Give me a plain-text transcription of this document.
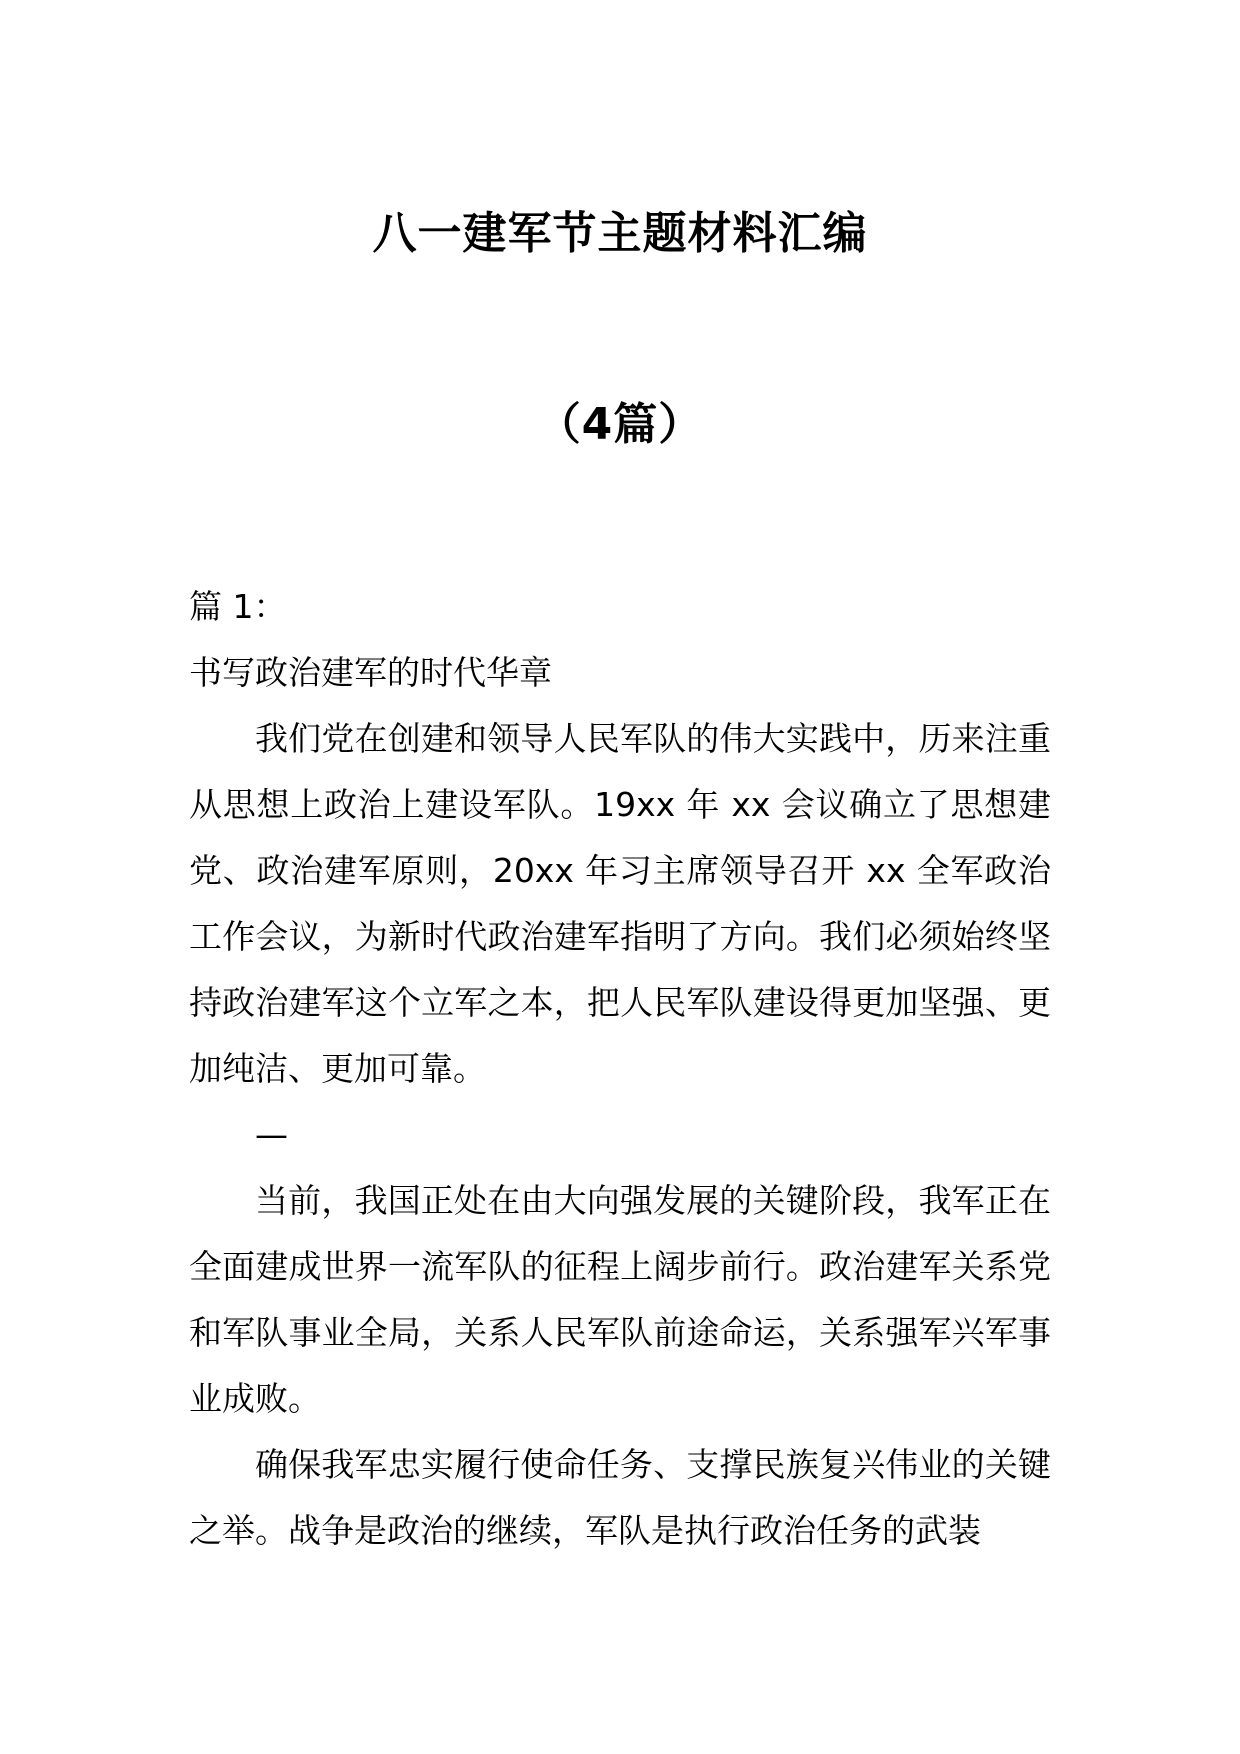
八一建军节主题材料汇编
（4篇）
篇 1：
书写政治建军的时代华章
我们党在创建和领导人民军队的伟大实践中，历来注重从思想上政治上建设军队。19xx 年 xx 会议确立了思想建党、政治建军原则，20xx 年习主席领导召开 xx 全军政治工作会议，为新时代政治建军指明了方向。我们必须始终坚持政治建军这个立军之本，把人民军队建设得更加坚强、更加纯洁、更加可靠。
—
当前，我国正处在由大向强发展的关键阶段，我军正在全面建成世界一流军队的征程上阔步前行。政治建军关系党和军队事业全局，关系人民军队前途命运，关系强军兴军事业成败。
确保我军忠实履行使命任务、支撑民族复兴伟业的关键之举。战争是政治的继续，军队是执行政治任务的武装
